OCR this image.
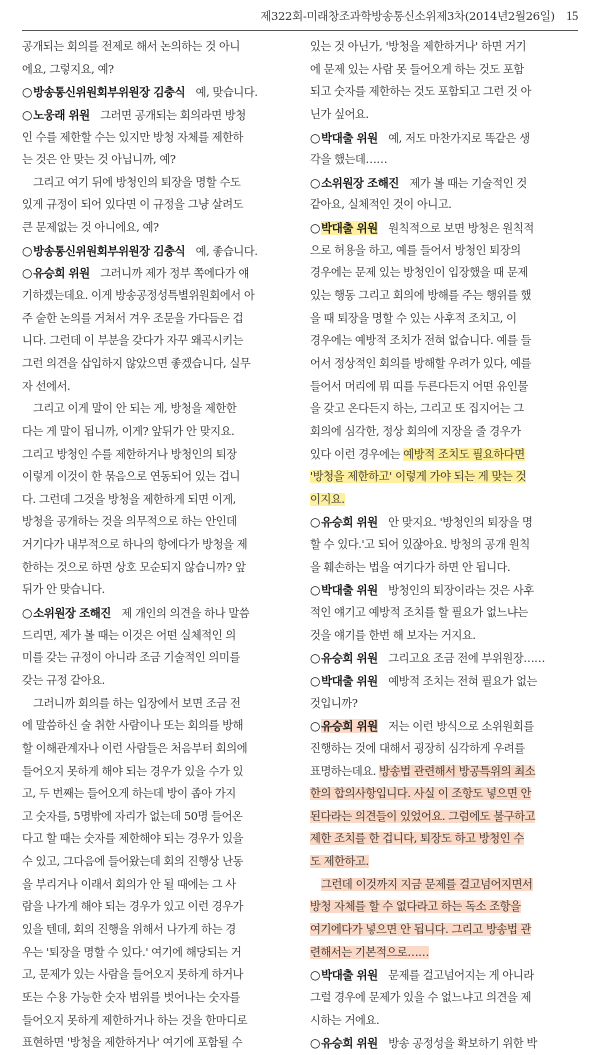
제322회-미래창조과학방송통신소위제3차(2014년2월26일) 15
공개되는 회의를 전제로 해서 논의하는 것 아니
에요, 그렇지요, 예?
○방송통신위원회부위원장 김충식   예, 맞습니다.
○노웅래 위원   그러면 공개되는 회의라면 방청
인 수를 제한할 수는 있지만 방청 자체를 제한하
는 것은 안 맞는 것 아닙니까, 예?
그리고 여기 뒤에 방청인의 퇴장을 명할 수도
있게 규정이 되어 있다면 이 규정을 그냥 살려도
큰 문제없는 것 아니에요, 예?
○방송통신위원회부위원장 김충식   예, 좋습니다.
○유승희 위원   그러니까 제가 정부 쪽에다가 얘
기하겠는데요. 이게 방송공정성특별위원회에서 아
주 숱한 논의를 거쳐서 겨우 조문을 가다듬은 겁
니다. 그런데 이 부분을 갖다가 자꾸 왜곡시키는
그런 의견을 삽입하지 않았으면 좋겠습니다, 실무
자 선에서.
그리고 이게 말이 안 되는 게, 방청을 제한한
다는 게 말이 됩니까, 이게? 앞뒤가 안 맞지요.
그리고 방청인 수를 제한하거나 방청인의 퇴장
이렇게 이것이 한 묶음으로 연동되어 있는 겁니
다. 그런데 그것을 방청을 제한하게 되면 이게,
방청을 공개하는 것을 의무적으로 하는 안인데
거기다가 내부적으로 하나의 항에다가 방청을 제
한하는 것으로 하면 상호 모순되지 않습니까? 앞
뒤가 안 맞습니다.
○소위원장 조해진   제 개인의 의견을 하나 말씀
드리면, 제가 볼 때는 이것은 어떤 실체적인 의
미를 갖는 규정이 아니라 조금 기술적인 의미를
갖는 규정 같아요.
그러니까 회의를 하는 입장에서 보면 조금 전
에 말씀하신 술 취한 사람이나 또는 회의를 방해
할 이해관계자나 이런 사람들은 처음부터 회의에
들어오지 못하게 해야 되는 경우가 있을 수가 있
고, 두 번째는 들어오게 하는데 방이 좁아 가지
고 숫자를, 5명밖에 자리가 없는데 50명 들어온
다고 할 때는 숫자를 제한해야 되는 경우가 있을
수 있고, 그다음에 들어왔는데 회의 진행상 난동
을 부리거나 이래서 회의가 안 될 때에는 그 사
람을 나가게 해야 되는 경우가 있고 이런 경우가
있을 텐데, 회의 진행을 위해서 나가게 하는 경
우는 '퇴장을 명할 수 있다.' 여기에 해당되는 거
고, 문제가 있는 사람을 들어오지 못하게 하거나
또는 수용 가능한 숫자 범위를 벗어나는 숫자를
들어오지 못하게 제한하거나 하는 것을 한마디로
표현하면 '방청을 제한하거나' 여기에 포함될 수
있는 것 아닌가, '방청을 제한하거나' 하면 거기
에 문제 있는 사람 못 들어오게 하는 것도 포함
되고 숫자를 제한하는 것도 포함되고 그런 것 아
닌가 싶어요.
○박대출 위원   예, 저도 마찬가지로 똑같은 생
각을 했는데……
○소위원장 조해진   제가 볼 때는 기술적인 것
같아요, 실체적인 것이 아니고.
○박대출 위원   원칙적으로 보면 방청은 원칙적
으로 허용을 하고, 예를 들어서 방청인 퇴장의
경우에는 문제 있는 방청인이 입장했을 때 문제
있는 행동 그리고 회의에 방해를 주는 행위를 했
을 때 퇴장을 명할 수 있는 사후적 조치고, 이
경우에는 예방적 조치가 전혀 없습니다. 예를 들
어서 정상적인 회의를 방해할 우려가 있다, 예를
들어서 머리에 뭐 띠를 두른다든지 어떤 유인물
을 갖고 온다든지 하는, 그리고 또 집지어는 그
회의에 심각한, 정상 회의에 지장을 줄 경우가
있다 이런 경우에는 예방적 조치도 필요하다면
'방청을 제한하고' 이렇게 가야 되는 게 맞는 것
이지요.
○유승희 위원   안 맞지요. '방청인의 퇴장을 명
할 수 있다.'고 되어 있잖아요. 방청의 공개 원칙
을 훼손하는 법을 여기다가 하면 안 됩니다.
○박대출 위원   방청인의 퇴장이라는 것은 사후
적인 얘기고 예방적 조치를 할 필요가 없느냐는
것을 얘기를 한번 해 보자는 거지요.
○유승희 위원   그리고요 조금 전에 부위원장……
○박대출 위원   예방적 조치는 전혀 필요가 없는
것입니까?
○유승희 위원   저는 이런 방식으로 소위원회를
진행하는 것에 대해서 굉장히 심각하게 우려를
표명하는데요. 방송법 관련해서 방공특위의 최소
한의 합의사항입니다. 사실 이 조항도 넣으면 안
된다라는 의견들이 있었어요. 그럼에도 불구하고
제한 조치를 한 겁니다, 퇴장도 하고 방청인 수
도 제한하고.
그런데 이것까지 지금 문제를 걸고넘어지면서
방청 자체를 할 수 없다라고 하는 독소 조항을
여기에다가 넣으면 안 됩니다. 그리고 방송법 관
련해서는 기본적으로……
○박대출 위원   문제를 걸고넘어지는 게 아니라
그럴 경우에 문제가 있을 수 없느냐고 의견을 제
시하는 거에요.
○유승희 위원   방송 공정성을 확보하기 위한 박
